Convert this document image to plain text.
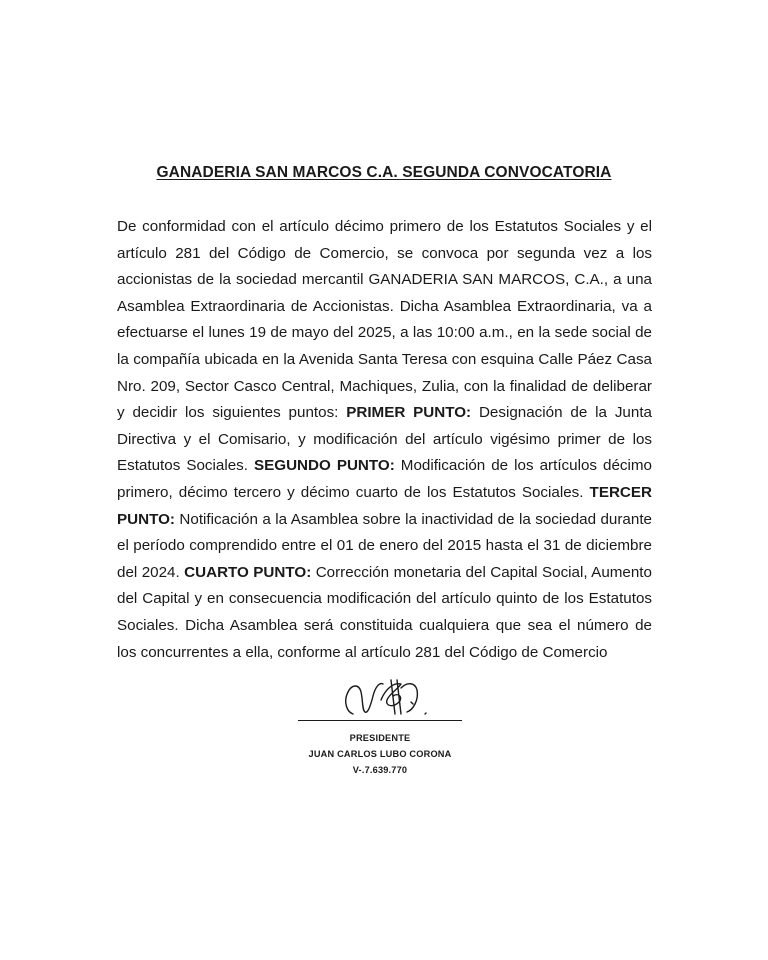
GANADERIA SAN MARCOS C.A. SEGUNDA CONVOCATORIA

De conformidad con el artículo décimo primero de los Estatutos Sociales y el artículo 281 del Código de Comercio, se convoca por segunda vez a los accionistas de la sociedad mercantil GANADERIA SAN MARCOS, C.A., a una Asamblea Extraordinaria de Accionistas. Dicha Asamblea Extraordinaria, va a efectuarse el lunes 19 de mayo del 2025, a las 10:00 a.m., en la sede social de la compañía ubicada en la Avenida Santa Teresa con esquina Calle Páez Casa Nro. 209, Sector Casco Central, Machiques, Zulia, con la finalidad de deliberar y decidir los siguientes puntos: PRIMER PUNTO: Designación de la Junta Directiva y el Comisario, y modificación del artículo vigésimo primer de los Estatutos Sociales. SEGUNDO PUNTO: Modificación de los artículos décimo primero, décimo tercero y décimo cuarto de los Estatutos Sociales. TERCER PUNTO: Notificación a la Asamblea sobre la inactividad de la sociedad durante el período comprendido entre el 01 de enero del 2015 hasta el 31 de diciembre del 2024. CUARTO PUNTO: Corrección monetaria del Capital Social, Aumento del Capital y en consecuencia modificación del artículo quinto de los Estatutos Sociales. Dicha Asamblea será constituida cualquiera que sea el número de los concurrentes a ella, conforme al artículo 281 del Código de Comercio

PRESIDENTE
JUAN CARLOS LUBO CORONA
V-.7.639.770
